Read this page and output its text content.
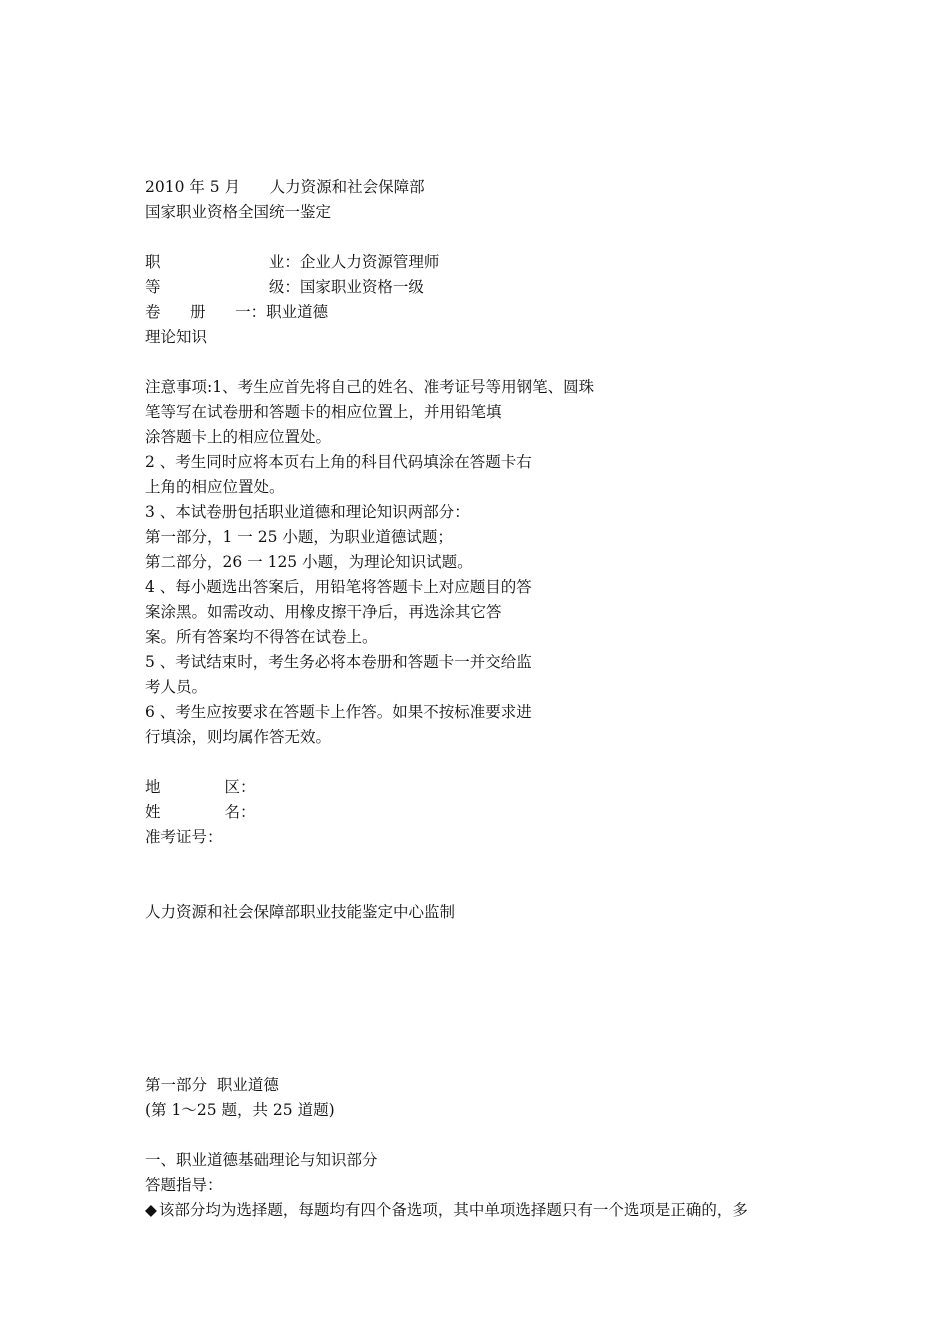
2010 年 5 月      人力资源和社会保障部
国家职业资格全国统一鉴定
职                      业：企业人力资源管理师
等                      级：国家职业资格一级
卷      册      一：职业道德
理论知识
注意事项:1、考生应首先将自己的姓名、准考证号等用钢笔、圆珠
笔等写在试卷册和答题卡的相应位置上，并用铅笔填
涂答题卡上的相应位置处。
2 、考生同时应将本页右上角的科目代码填涂在答题卡右
上角的相应位置处。
3 、本试卷册包括职业道德和理论知识两部分：
第一部分，1 一 25 小题，为职业道德试题；
第二部分，26 一 125 小题，为理论知识试题。
4 、每小题选出答案后，用铅笔将答题卡上对应题目的答
案涂黑。如需改动、用橡皮擦干净后，再选涂其它答
案。所有答案均不得答在试卷上。
5 、考试结束时，考生务必将本卷册和答题卡一并交给监
考人员。
6 、考生应按要求在答题卡上作答。如果不按标准要求进
行填涂，则均属作答无效。
地             区：
姓             名：
准考证号：
人力资源和社会保障部职业技能鉴定中心监制
第一部分  职业道德
(第 1～25 题，共 25 道题)
一、职业道德基础理论与知识部分
答题指导：
◆ 该部分均为选择题，每题均有四个备选项，其中单项选择题只有一个选项是正确的，多
